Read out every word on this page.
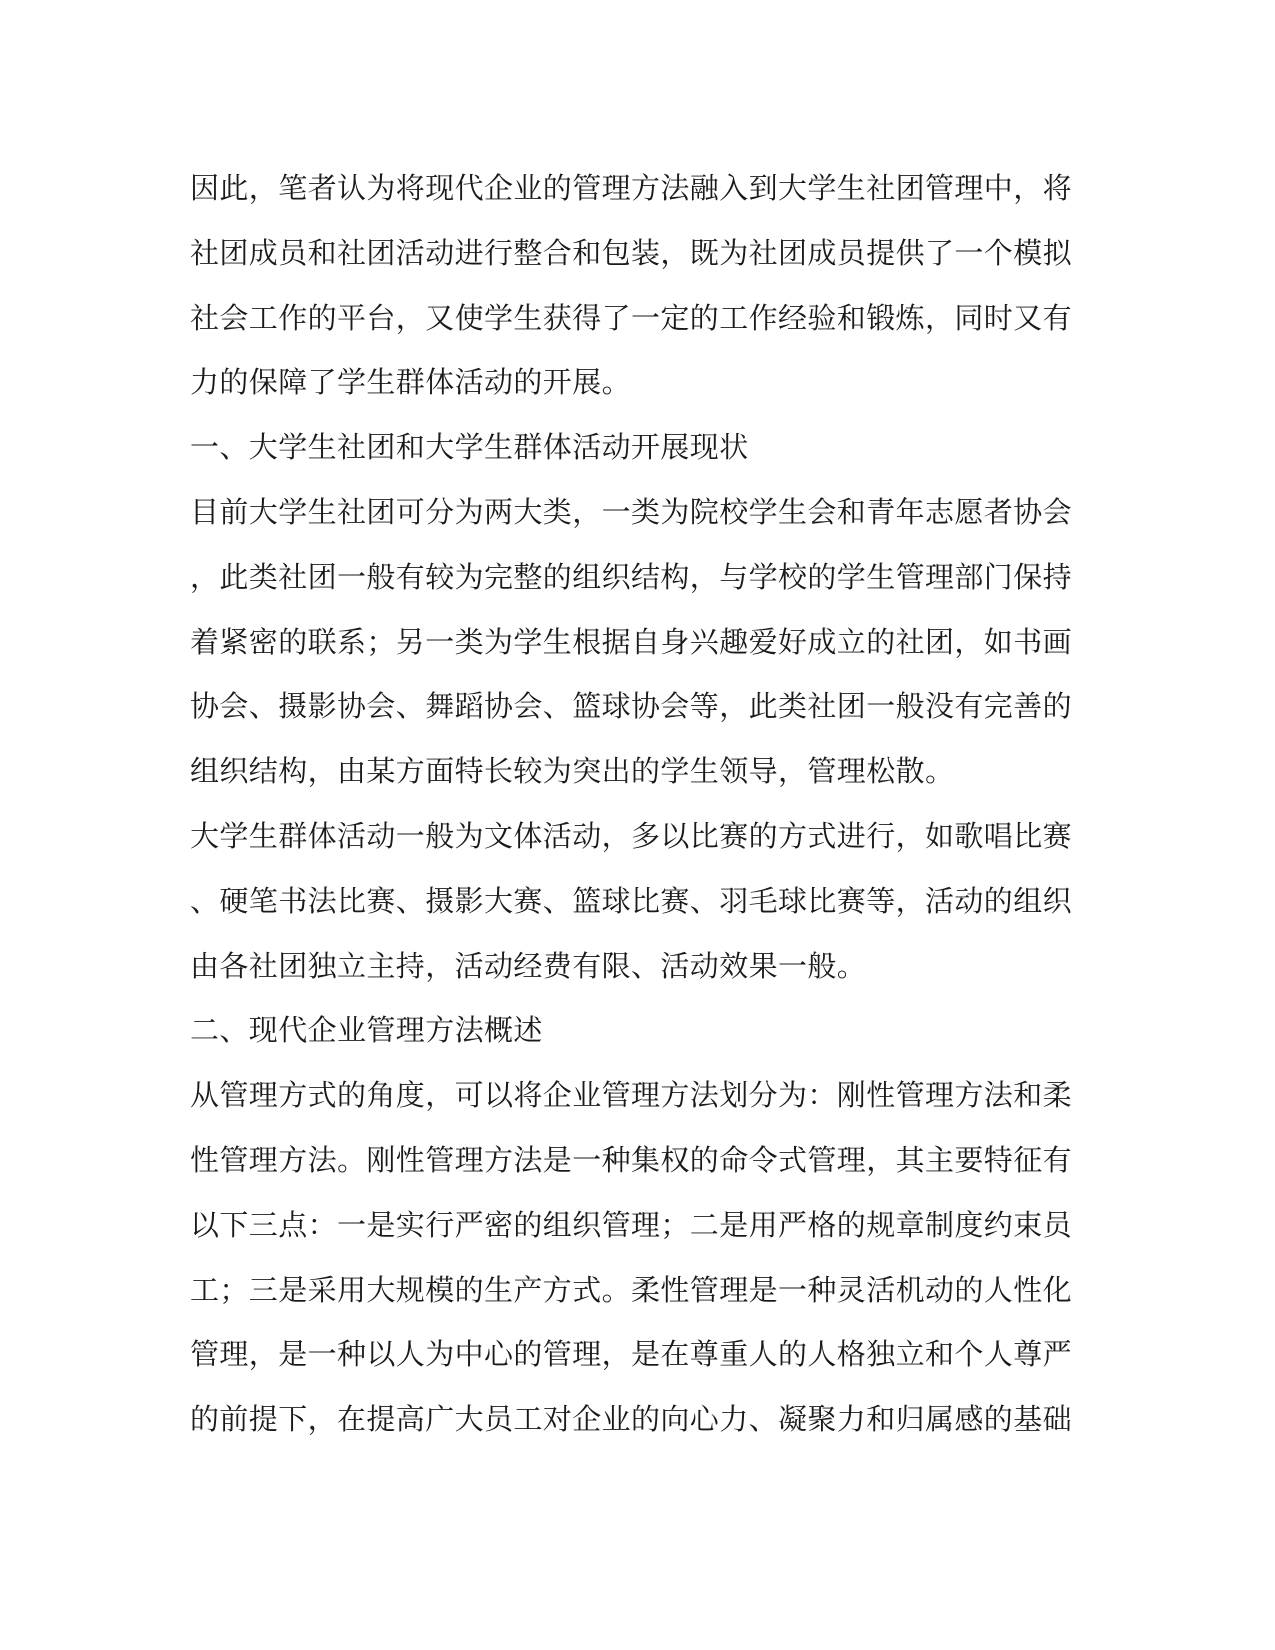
因此，笔者认为将现代企业的管理方法融入到大学生社团管理中，将
社团成员和社团活动进行整合和包装，既为社团成员提供了一个模拟
社会工作的平台，又使学生获得了一定的工作经验和锻炼，同时又有
力的保障了学生群体活动的开展。
一、大学生社团和大学生群体活动开展现状
目前大学生社团可分为两大类，一类为院校学生会和青年志愿者协会
，此类社团一般有较为完整的组织结构，与学校的学生管理部门保持
着紧密的联系；另一类为学生根据自身兴趣爱好成立的社团，如书画
协会、摄影协会、舞蹈协会、篮球协会等，此类社团一般没有完善的
组织结构，由某方面特长较为突出的学生领导，管理松散。
大学生群体活动一般为文体活动，多以比赛的方式进行，如歌唱比赛
、硬笔书法比赛、摄影大赛、篮球比赛、羽毛球比赛等，活动的组织
由各社团独立主持，活动经费有限、活动效果一般。
二、现代企业管理方法概述
从管理方式的角度，可以将企业管理方法划分为：刚性管理方法和柔
性管理方法。刚性管理方法是一种集权的命令式管理，其主要特征有
以下三点：一是实行严密的组织管理；二是用严格的规章制度约束员
工；三是采用大规模的生产方式。柔性管理是一种灵活机动的人性化
管理，是一种以人为中心的管理，是在尊重人的人格独立和个人尊严
的前提下，在提高广大员工对企业的向心力、凝聚力和归属感的基础
